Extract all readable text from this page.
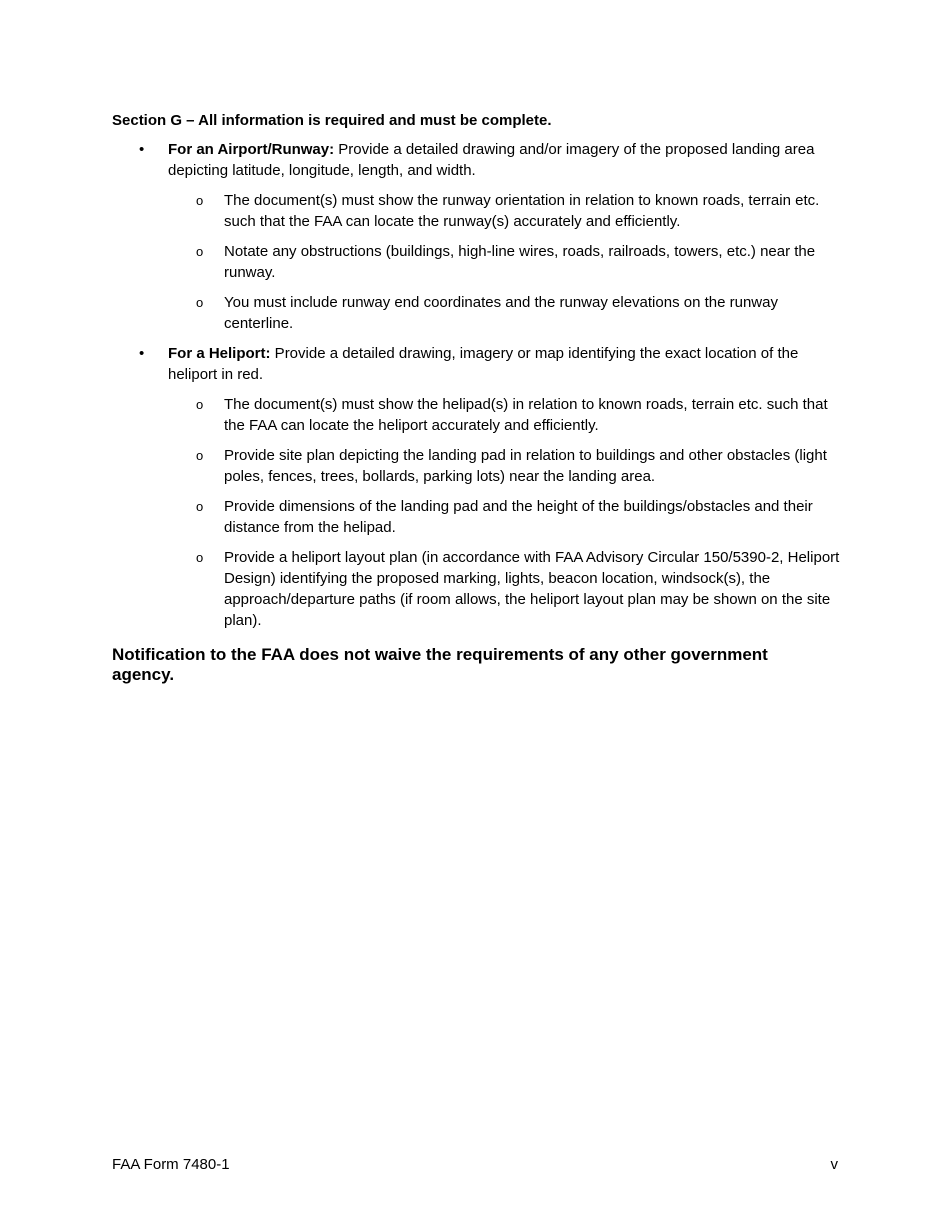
Section G – All information is required and must be complete.
• For an Airport/Runway: Provide a detailed drawing and/or imagery of the proposed landing area depicting latitude, longitude, length, and width.
o The document(s) must show the runway orientation in relation to known roads, terrain etc. such that the FAA can locate the runway(s) accurately and efficiently.
o Notate any obstructions (buildings, high-line wires, roads, railroads, towers, etc.) near the runway.
o You must include runway end coordinates and the runway elevations on the runway centerline.
• For a Heliport: Provide a detailed drawing, imagery or map identifying the exact location of the heliport in red.
o The document(s) must show the helipad(s) in relation to known roads, terrain etc. such that the FAA can locate the heliport accurately and efficiently.
o Provide site plan depicting the landing pad in relation to buildings and other obstacles (light poles, fences, trees, bollards, parking lots) near the landing area.
o Provide dimensions of the landing pad and the height of the buildings/obstacles and their distance from the helipad.
o Provide a heliport layout plan (in accordance with FAA Advisory Circular 150/5390-2, Heliport Design) identifying the proposed marking, lights, beacon location, windsock(s), the approach/departure paths (if room allows, the heliport layout plan may be shown on the site plan).
Notification to the FAA does not waive the requirements of any other government agency.
FAA Form 7480-1	v
